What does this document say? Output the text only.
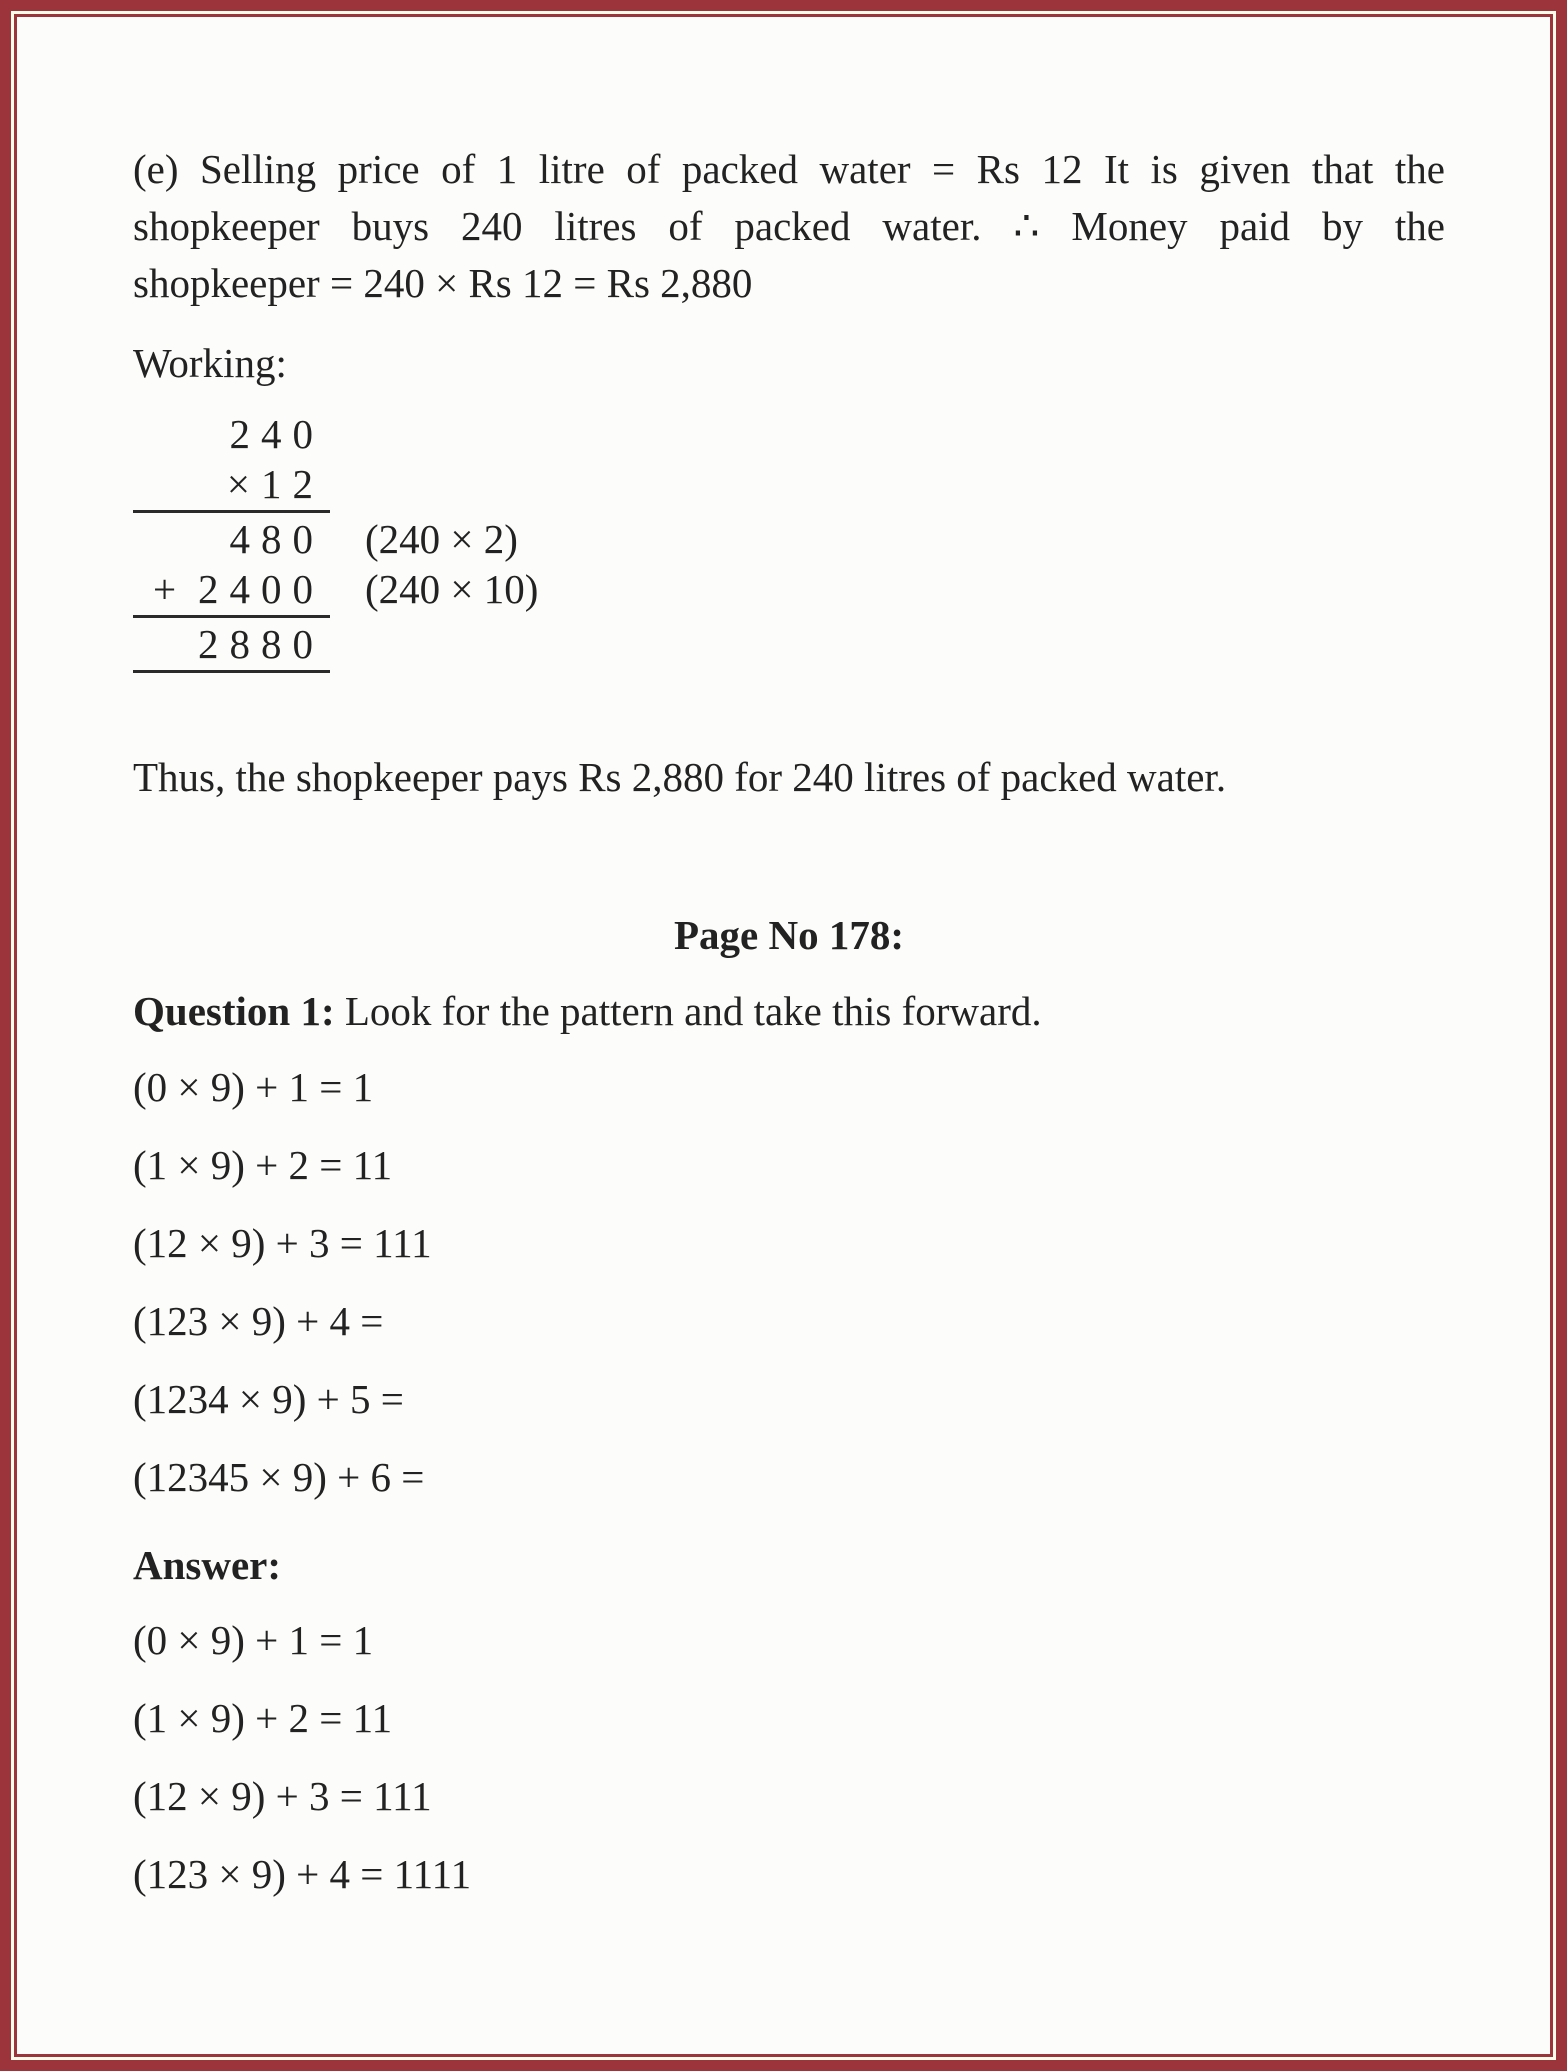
(e) Selling price of 1 litre of packed water = Rs 12 It is given that the
shopkeeper buys 240 litres of packed water. ∴ Money paid by the
shopkeeper = 240 × Rs 12 = Rs 2,880
Working:
240
×12
480 (240 × 2)
+ 2400 (240 × 10)
2880
Thus, the shopkeeper pays Rs 2,880 for 240 litres of packed water.
Page No 178:
Question 1: Look for the pattern and take this forward.
(0 × 9) + 1 = 1
(1 × 9) + 2 = 11
(12 × 9) + 3 = 111
(123 × 9) + 4 =
(1234 × 9) + 5 =
(12345 × 9) + 6 =
Answer:
(0 × 9) + 1 = 1
(1 × 9) + 2 = 11
(12 × 9) + 3 = 111
(123 × 9) + 4 = 1111
